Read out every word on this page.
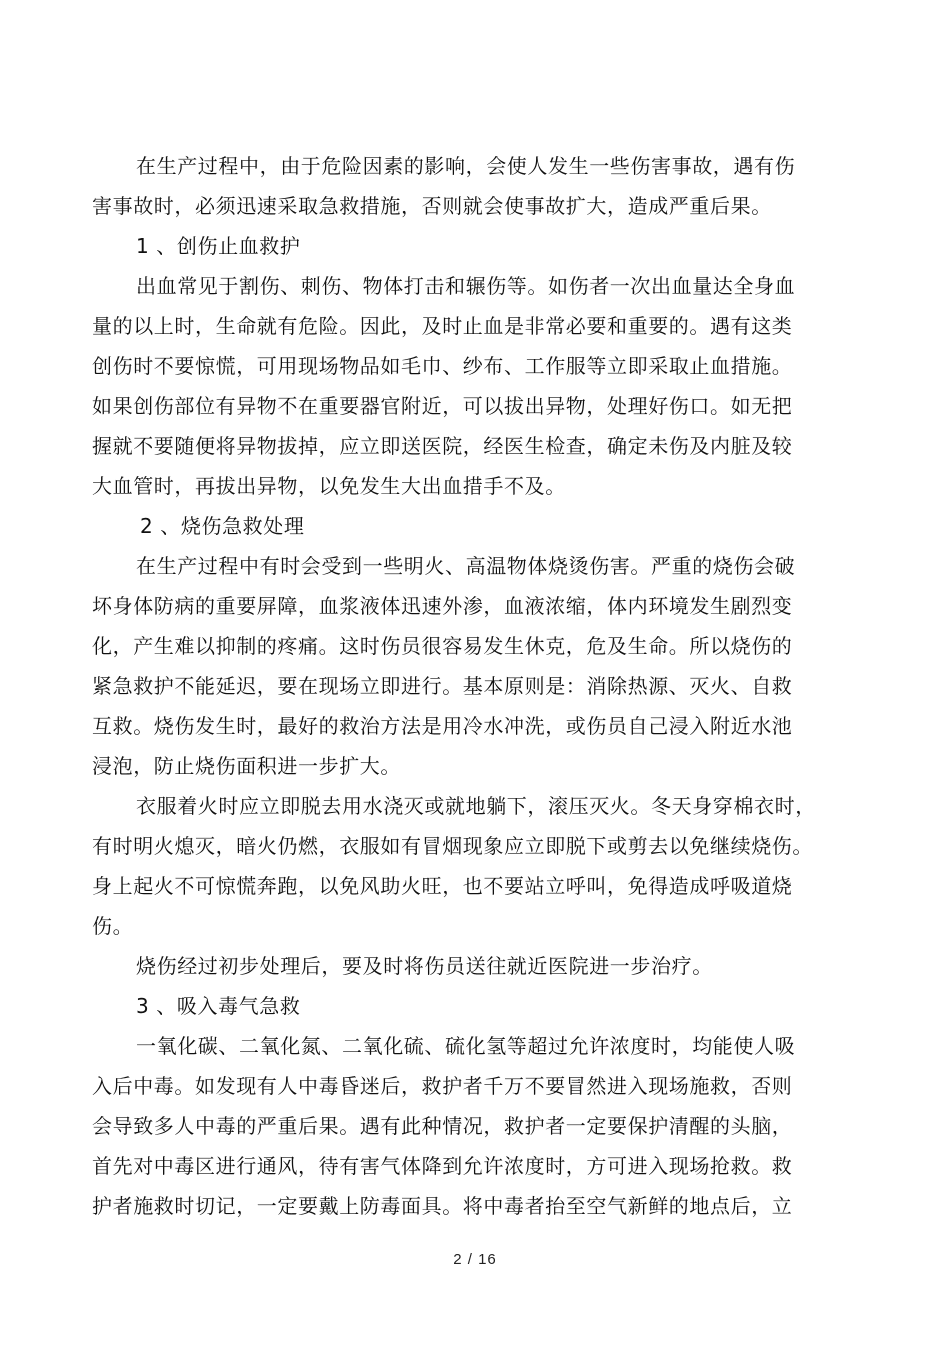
在生产过程中，由于危险因素的影响，会使人发生一些伤害事故，遇有伤
害事故时，必须迅速采取急救措施，否则就会使事故扩大，造成严重后果。
1 、创伤止血救护
出血常见于割伤、刺伤、物体打击和辗伤等。如伤者一次出血量达全身血
量的以上时，生命就有危险。因此，及时止血是非常必要和重要的。遇有这类
创伤时不要惊慌，可用现场物品如毛巾、纱布、工作服等立即采取止血措施。
如果创伤部位有异物不在重要器官附近，可以拔出异物，处理好伤口。如无把
握就不要随便将异物拔掉，应立即送医院，经医生检查，确定未伤及内脏及较
大血管时，再拔出异物，以免发生大出血措手不及。
2 、烧伤急救处理
在生产过程中有时会受到一些明火、高温物体烧烫伤害。严重的烧伤会破
坏身体防病的重要屏障，血浆液体迅速外渗，血液浓缩，体内环境发生剧烈变
化，产生难以抑制的疼痛。这时伤员很容易发生休克，危及生命。所以烧伤的
紧急救护不能延迟，要在现场立即进行。基本原则是：消除热源、灭火、自救
互救。烧伤发生时，最好的救治方法是用冷水冲洗，或伤员自己浸入附近水池
浸泡，防止烧伤面积进一步扩大。
衣服着火时应立即脱去用水浇灭或就地躺下，滚压灭火。冬天身穿棉衣时，
有时明火熄灭，暗火仍燃，衣服如有冒烟现象应立即脱下或剪去以免继续烧伤。
身上起火不可惊慌奔跑，以免风助火旺，也不要站立呼叫，免得造成呼吸道烧
伤。
烧伤经过初步处理后，要及时将伤员送往就近医院进一步治疗。
3 、吸入毒气急救
一氧化碳、二氧化氮、二氧化硫、硫化氢等超过允许浓度时，均能使人吸
入后中毒。如发现有人中毒昏迷后，救护者千万不要冒然进入现场施救，否则
会导致多人中毒的严重后果。遇有此种情况，救护者一定要保护清醒的头脑，
首先对中毒区进行通风，待有害气体降到允许浓度时，方可进入现场抢救。救
护者施救时切记，一定要戴上防毒面具。将中毒者抬至空气新鲜的地点后，立
2 / 16
